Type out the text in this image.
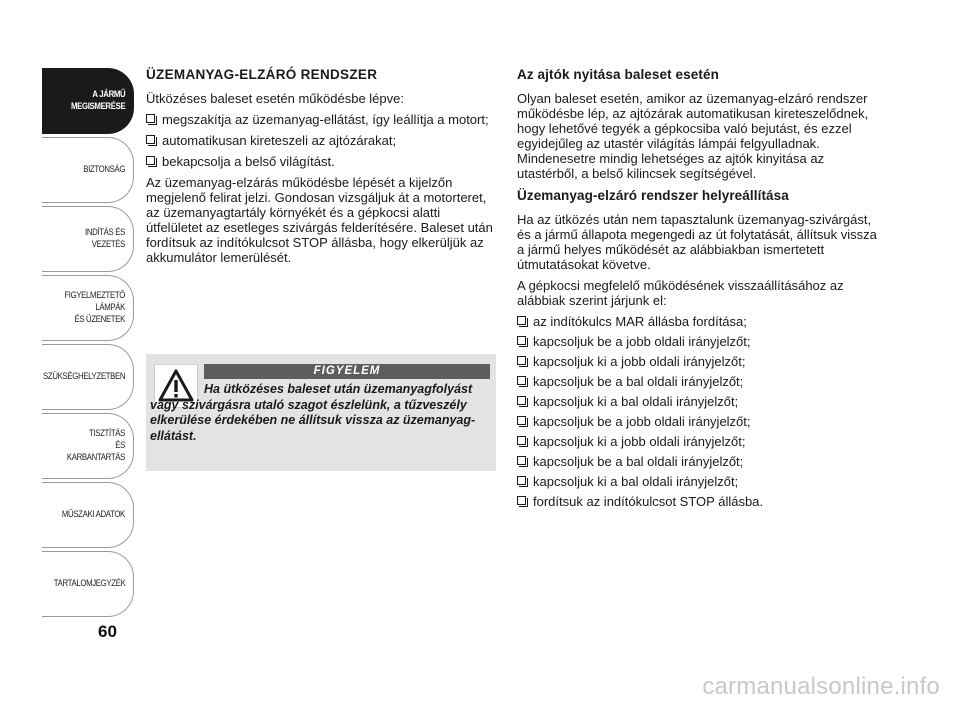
A JÁRMŰ
MEGISMERÉSE
BIZTONSÁG
INDÍTÁS ÉS VEZETÉS
FIGYELMEZTETŐ
LÁMPÁK
ÉS ÜZENETEK
SZÜKSÉGHELYZETBEN
TISZTÍTÁS
ÉS KARBANTARTÁS
MŰSZAKI ADATOK
TARTALOMJEGYZÉK
60
ÜZEMANYAG-ELZÁRÓ RENDSZER

Ütközéses baleset esetén működésbe lépve:

megszakítja az üzemanyag-ellátást, így leállítja a motort;
automatikusan kireteszeli az ajtózárakat;
bekapcsolja a belső világítást.

Az üzemanyag-elzárás működésbe lépését a kijelzőn megjelenő felirat jelzi. Gondosan vizsgáljuk át a motorteret, az üzemanyagtartály környékét és a gépkocsi alatti útfelületet az esetleges szivárgás felderítésére. Baleset után fordítsuk az indítókulcsot STOP állásba, hogy elkerüljük az akkumulátor lemerülését.

FIGYELEM
Ha ütközéses baleset után üzemanyagfolyást vagy szivárgásra utaló szagot észlelünk, a tűzveszély elkerülése érdekében ne állítsuk vissza az üzemanyag-ellátást.
Az ajtók nyitása baleset esetén

Olyan baleset esetén, amikor az üzemanyag-elzáró rendszer működésbe lép, az ajtózárak automatikusan kireteszelődnek, hogy lehetővé tegyék a gépkocsiba való bejutást, és ezzel egyidejűleg az utastér világítás lámpái felgyulladnak. Mindenesetre mindig lehetséges az ajtók kinyitása az utastérből, a belső kilincsek segítségével.

Üzemanyag-elzáró rendszer helyreállítása

Ha az ütközés után nem tapasztalunk üzemanyag-szivárgást, és a jármű állapota megengedi az út folytatását, állítsuk vissza a jármű helyes működését az alábbiakban ismertetett útmutatásokat követve.

A gépkocsi megfelelő működésének visszaállításához az alábbiak szerint járjunk el:

az indítókulcs MAR állásba fordítása;
kapcsoljuk be a jobb oldali irányjelzőt;
kapcsoljuk ki a jobb oldali irányjelzőt;
kapcsoljuk be a bal oldali irányjelzőt;
kapcsoljuk ki a bal oldali irányjelzőt;
kapcsoljuk be a jobb oldali irányjelzőt;
kapcsoljuk ki a jobb oldali irányjelzőt;
kapcsoljuk be a bal oldali irányjelzőt;
kapcsoljuk ki a bal oldali irányjelzőt;
fordítsuk az indítókulcsot STOP állásba.
carmanualsonline.info
